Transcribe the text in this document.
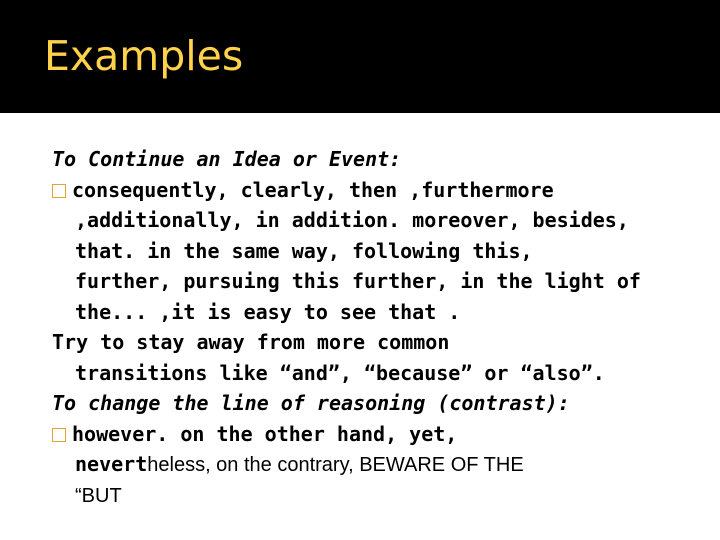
Examples
To Continue an Idea or Event:
consequently, clearly, then ,furthermore
,additionally, in addition. moreover, besides,
that. in the same way, following this,
further, pursuing this further, in the light of
the... ,it is easy to see that .
Try to stay away from more common
transitions like “and”, “because” or “also”.
To change the line of reasoning (contrast):
however. on the other hand, yet,
nevertheless, on the contrary, BEWARE OF THE
“BUT
